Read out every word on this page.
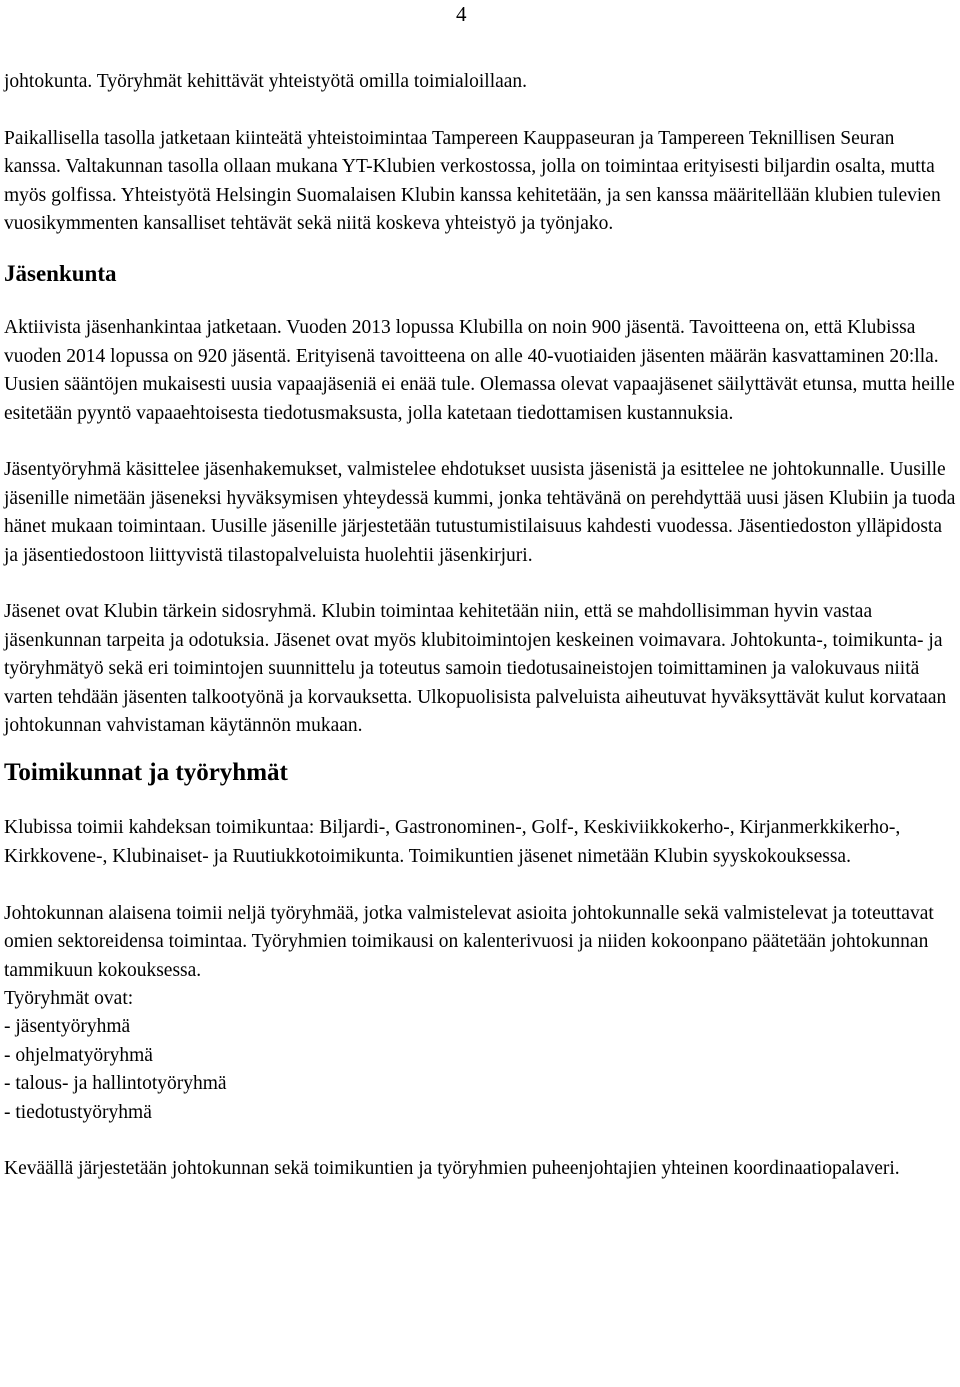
4

johtokunta. Työryhmät kehittävät yhteistyötä omilla toimialoillaan.

Paikallisella tasolla jatketaan kiinteätä yhteistoimintaa Tampereen Kauppaseuran ja Tampereen Teknillisen Seuran kanssa. Valtakunnan tasolla ollaan mukana YT-Klubien verkostossa, jolla on toimintaa erityisesti biljardin osalta, mutta myös golfissa. Yhteistyötä Helsingin Suomalaisen Klubin kanssa kehitetään, ja sen kanssa määritellään klubien tulevien vuosikymmenten kansalliset tehtävät sekä niitä koskeva yhteistyö ja työnjako.

Jäsenkunta

Aktiivista jäsenhankintaa jatketaan. Vuoden 2013 lopussa Klubilla on noin 900 jäsentä. Tavoitteena on, että Klubissa vuoden 2014 lopussa on 920 jäsentä. Erityisenä tavoitteena on alle 40-vuotiaiden jäsenten määrän kasvattaminen 20:lla. Uusien sääntöjen mukaisesti uusia vapaajäseniä ei enää tule. Olemassa olevat vapaajäsenet säilyttävät etunsa, mutta heille esitetään pyyntö vapaaehtoisesta tiedotusmaksusta, jolla katetaan tiedottamisen kustannuksia.

Jäsentyöryhmä käsittelee jäsenhakemukset, valmistelee ehdotukset uusista jäsenistä ja esittelee ne johtokunnalle. Uusille jäsenille nimetään jäseneksi hyväksymisen yhteydessä kummi, jonka tehtävänä on perehdyttää uusi jäsen Klubiin ja tuoda hänet mukaan toimintaan. Uusille jäsenille järjestetään tutustumistilaisuus kahdesti vuodessa. Jäsentiedoston ylläpidosta ja jäsentiedostoon liittyvistä tilastopalveluista huolehtii jäsenkirjuri.

Jäsenet ovat Klubin tärkein sidosryhmä. Klubin toimintaa kehitetään niin, että se mahdollisimman hyvin vastaa jäsenkunnan tarpeita ja odotuksia. Jäsenet ovat myös klubitoimintojen keskeinen voimavara. Johtokunta-, toimikunta- ja työryhmätyö sekä eri toimintojen suunnittelu ja toteutus samoin tiedotusaineistojen toimittaminen ja valokuvaus niitä varten tehdään jäsenten talkootyönä ja korvauksetta. Ulkopuolisista palveluista aiheutuvat hyväksyttävät kulut korvataan johtokunnan vahvistaman käytännön mukaan.

Toimikunnat ja työryhmät

Klubissa toimii kahdeksan toimikuntaa: Biljardi-, Gastronominen-, Golf-, Keskiviikkokerho-, Kirjanmerkkikerho-, Kirkkovene-, Klubinaiset- ja Ruutiukkotoimikunta. Toimikuntien jäsenet nimetään Klubin syyskokouksessa.

Johtokunnan alaisena toimii neljä työryhmää, jotka valmistelevat asioita johtokunnalle sekä valmistelevat ja toteuttavat omien sektoreidensa toimintaa. Työryhmien toimikausi on kalenterivuosi ja niiden kokoonpano päätetään johtokunnan tammikuun kokouksessa.

Työryhmät ovat:

- jäsentyöryhmä
- ohjelmatyöryhmä
- talous- ja hallintotyöryhmä
- tiedotustyöryhmä

Keväällä järjestetään johtokunnan sekä toimikuntien ja työryhmien puheenjohtajien yhteinen koordinaatiopalaveri.
